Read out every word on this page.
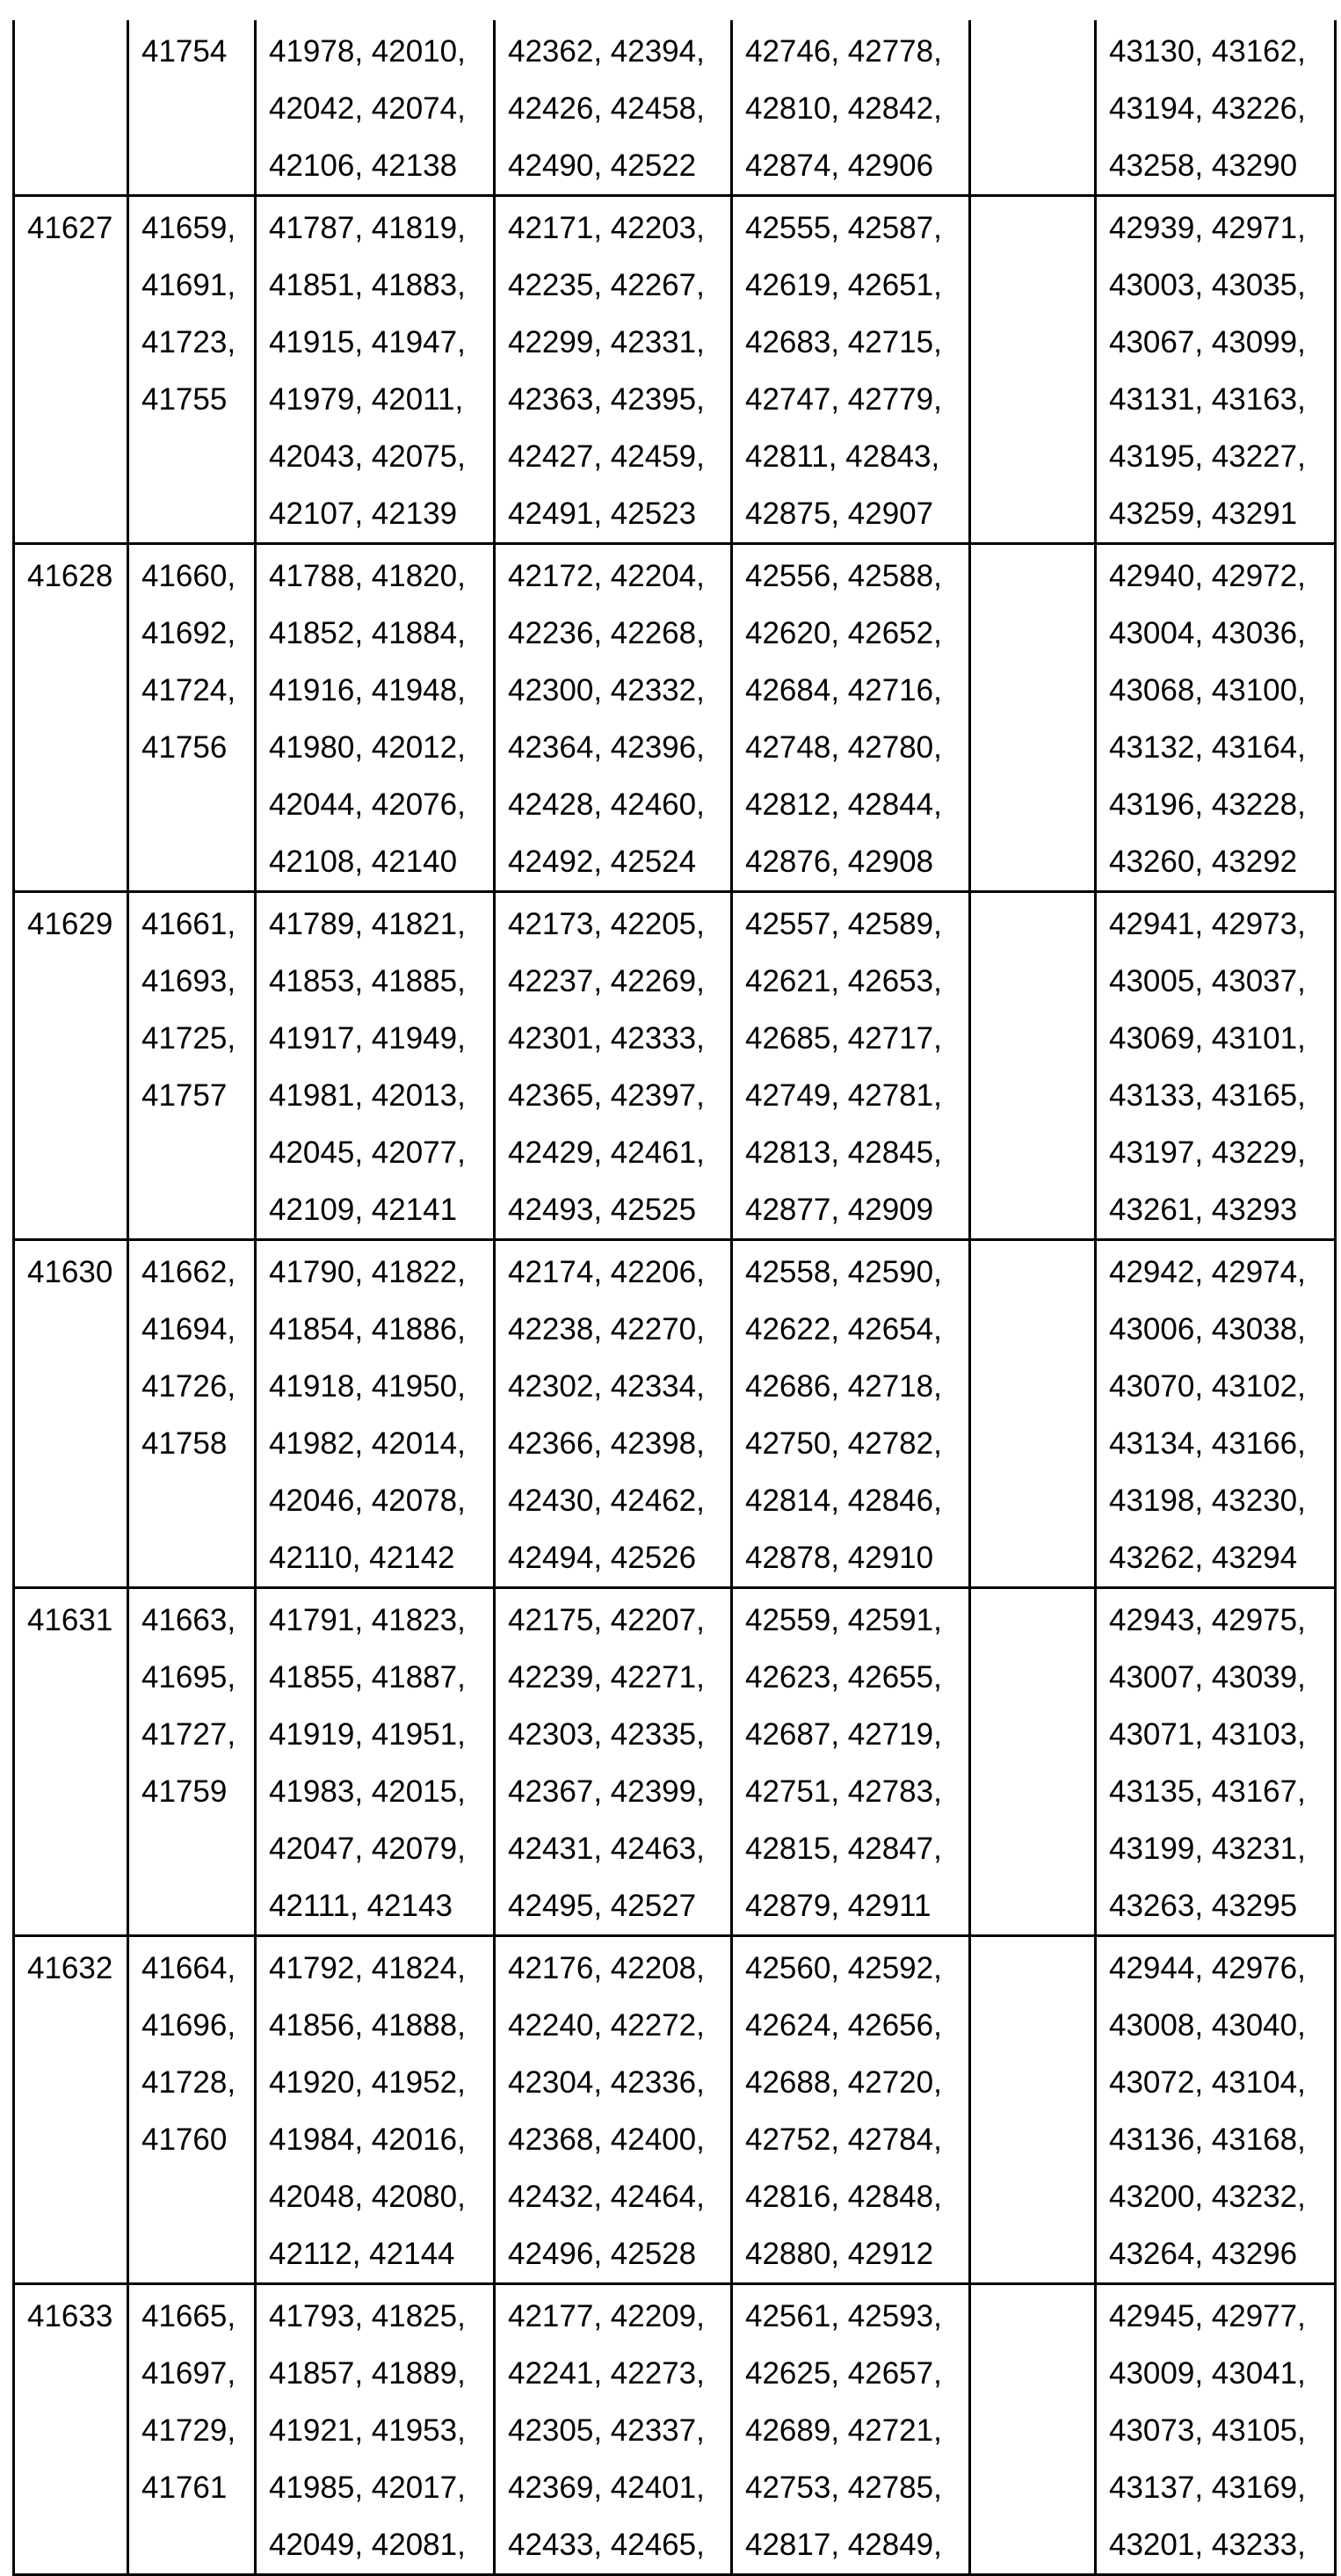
41754	41978, 42010,
42042, 42074,
42106, 42138

42362, 42394,
42426, 42458,
42490, 42522

42746, 42778,
42810, 42842,
42874, 42906

43130, 43162,
43194, 43226,
43258, 43290

41627	41659,
41691,
41723,
41755

41787, 41819,
41851, 41883,
41915, 41947,
41979, 42011,
42043, 42075,
42107, 42139

42171, 42203,
42235, 42267,
42299, 42331,
42363, 42395,
42427, 42459,
42491, 42523

42555, 42587,
42619, 42651,
42683, 42715,
42747, 42779,
42811, 42843,
42875, 42907

42939, 42971,
43003, 43035,
43067, 43099,
43131, 43163,
43195, 43227,
43259, 43291

41628	41660,
41692,
41724,
41756

41788, 41820,
41852, 41884,
41916, 41948,
41980, 42012,
42044, 42076,
42108, 42140

42172, 42204,
42236, 42268,
42300, 42332,
42364, 42396,
42428, 42460,
42492, 42524

42556, 42588,
42620, 42652,
42684, 42716,
42748, 42780,
42812, 42844,
42876, 42908

42940, 42972,
43004, 43036,
43068, 43100,
43132, 43164,
43196, 43228,
43260, 43292

41629	41661,
41693,
41725,
41757

41789, 41821,
41853, 41885,
41917, 41949,
41981, 42013,
42045, 42077,
42109, 42141

42173, 42205,
42237, 42269,
42301, 42333,
42365, 42397,
42429, 42461,
42493, 42525

42557, 42589,
42621, 42653,
42685, 42717,
42749, 42781,
42813, 42845,
42877, 42909

42941, 42973,
43005, 43037,
43069, 43101,
43133, 43165,
43197, 43229,
43261, 43293

41630	41662,
41694,
41726,
41758

41790, 41822,
41854, 41886,
41918, 41950,
41982, 42014,
42046, 42078,
42110, 42142

42174, 42206,
42238, 42270,
42302, 42334,
42366, 42398,
42430, 42462,
42494, 42526

42558, 42590,
42622, 42654,
42686, 42718,
42750, 42782,
42814, 42846,
42878, 42910

42942, 42974,
43006, 43038,
43070, 43102,
43134, 43166,
43198, 43230,
43262, 43294

41631	41663,
41695,
41727,
41759

41791, 41823,
41855, 41887,
41919, 41951,
41983, 42015,
42047, 42079,
42111, 42143

42175, 42207,
42239, 42271,
42303, 42335,
42367, 42399,
42431, 42463,
42495, 42527

42559, 42591,
42623, 42655,
42687, 42719,
42751, 42783,
42815, 42847,
42879, 42911

42943, 42975,
43007, 43039,
43071, 43103,
43135, 43167,
43199, 43231,
43263, 43295

41632	41664,
41696,
41728,
41760

41792, 41824,
41856, 41888,
41920, 41952,
41984, 42016,
42048, 42080,
42112, 42144

42176, 42208,
42240, 42272,
42304, 42336,
42368, 42400,
42432, 42464,
42496, 42528

42560, 42592,
42624, 42656,
42688, 42720,
42752, 42784,
42816, 42848,
42880, 42912

42944, 42976,
43008, 43040,
43072, 43104,
43136, 43168,
43200, 43232,
43264, 43296

41633	41665,
41697,
41729,
41761

41793, 41825,
41857, 41889,
41921, 41953,
41985, 42017,
42049, 42081,

42177, 42209,
42241, 42273,
42305, 42337,
42369, 42401,
42433, 42465,

42561, 42593,
42625, 42657,
42689, 42721,
42753, 42785,
42817, 42849,

42945, 42977,
43009, 43041,
43073, 43105,
43137, 43169,
43201, 43233,
